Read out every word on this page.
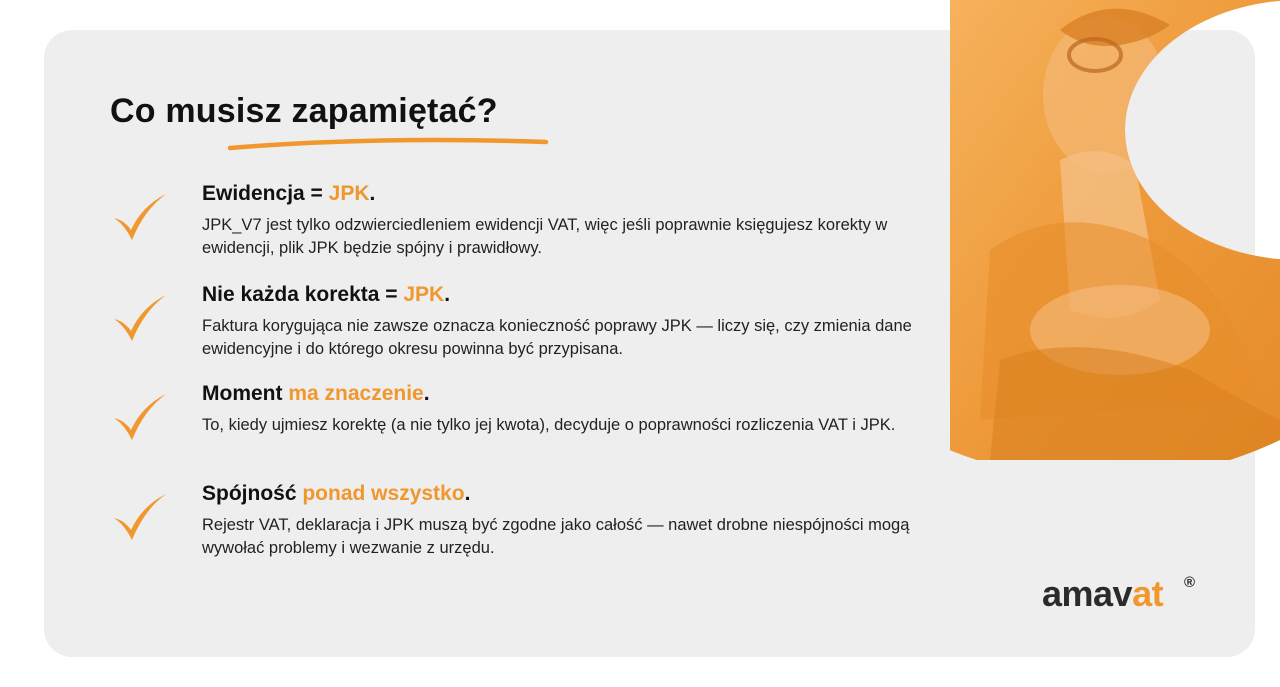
Co musisz zapamiętać?
Ewidencja = JPK.

JPK_V7 jest tylko odzwierciedleniem ewidencji VAT, więc jeśli poprawnie księgujesz korekty w ewidencji, plik JPK będzie spójny i prawidłowy.

Nie każda korekta = JPK.

Faktura korygująca nie zawsze oznacza konieczność poprawy JPK — liczy się, czy zmienia dane ewidencyjne i do którego okresu powinna być przypisana.

Moment ma znaczenie.

To, kiedy ujmiesz korektę (a nie tylko jej kwota), decyduje o poprawności rozliczenia VAT i JPK.

Spójność ponad wszystko.

Rejestr VAT, deklaracja i JPK muszą być zgodne jako całość — nawet drobne niespójności mogą wywołać problemy i wezwanie z urzędu.

amavat ®
